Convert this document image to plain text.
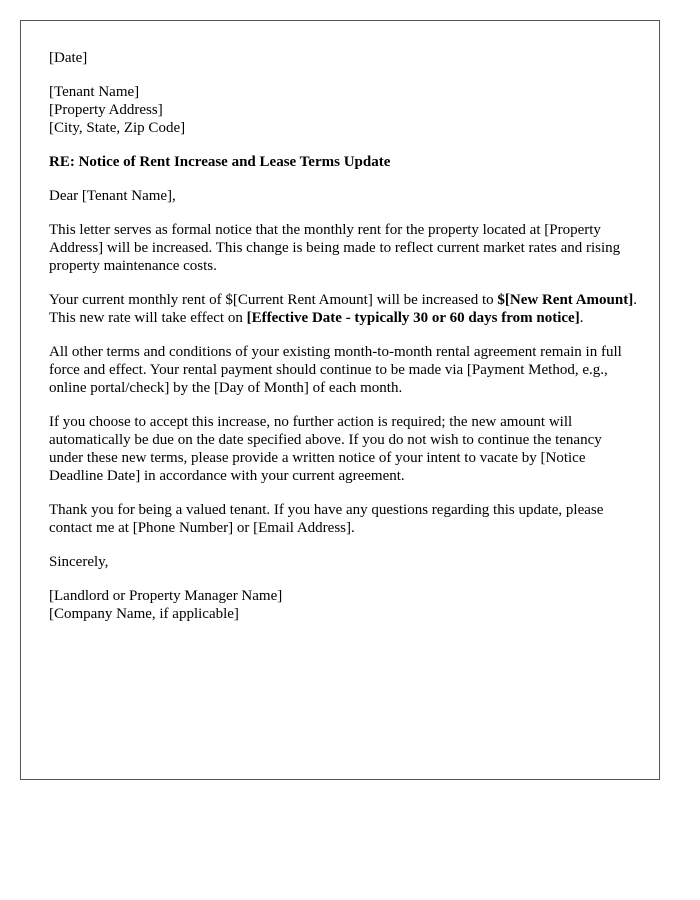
[Date]
[Tenant Name]
[Property Address]
[City, State, Zip Code]
RE: Notice of Rent Increase and Lease Terms Update

Dear [Tenant Name],

This letter serves as formal notice that the monthly rent for the property located at [Property Address] will be increased. This change is being made to reflect current market rates and rising property maintenance costs.

Your current monthly rent of $[Current Rent Amount] will be increased to $[New Rent Amount]. This new rate will take effect on [Effective Date - typically 30 or 60 days from notice].

All other terms and conditions of your existing month-to-month rental agreement remain in full force and effect. Your rental payment should continue to be made via [Payment Method, e.g., online portal/check] by the [Day of Month] of each month.

If you choose to accept this increase, no further action is required; the new amount will automatically be due on the date specified above. If you do not wish to continue the tenancy under these new terms, please provide a written notice of your intent to vacate by [Notice Deadline Date] in accordance with your current agreement.

Thank you for being a valued tenant. If you have any questions regarding this update, please contact me at [Phone Number] or [Email Address].

Sincerely,

[Landlord or Property Manager Name]
[Company Name, if applicable]
